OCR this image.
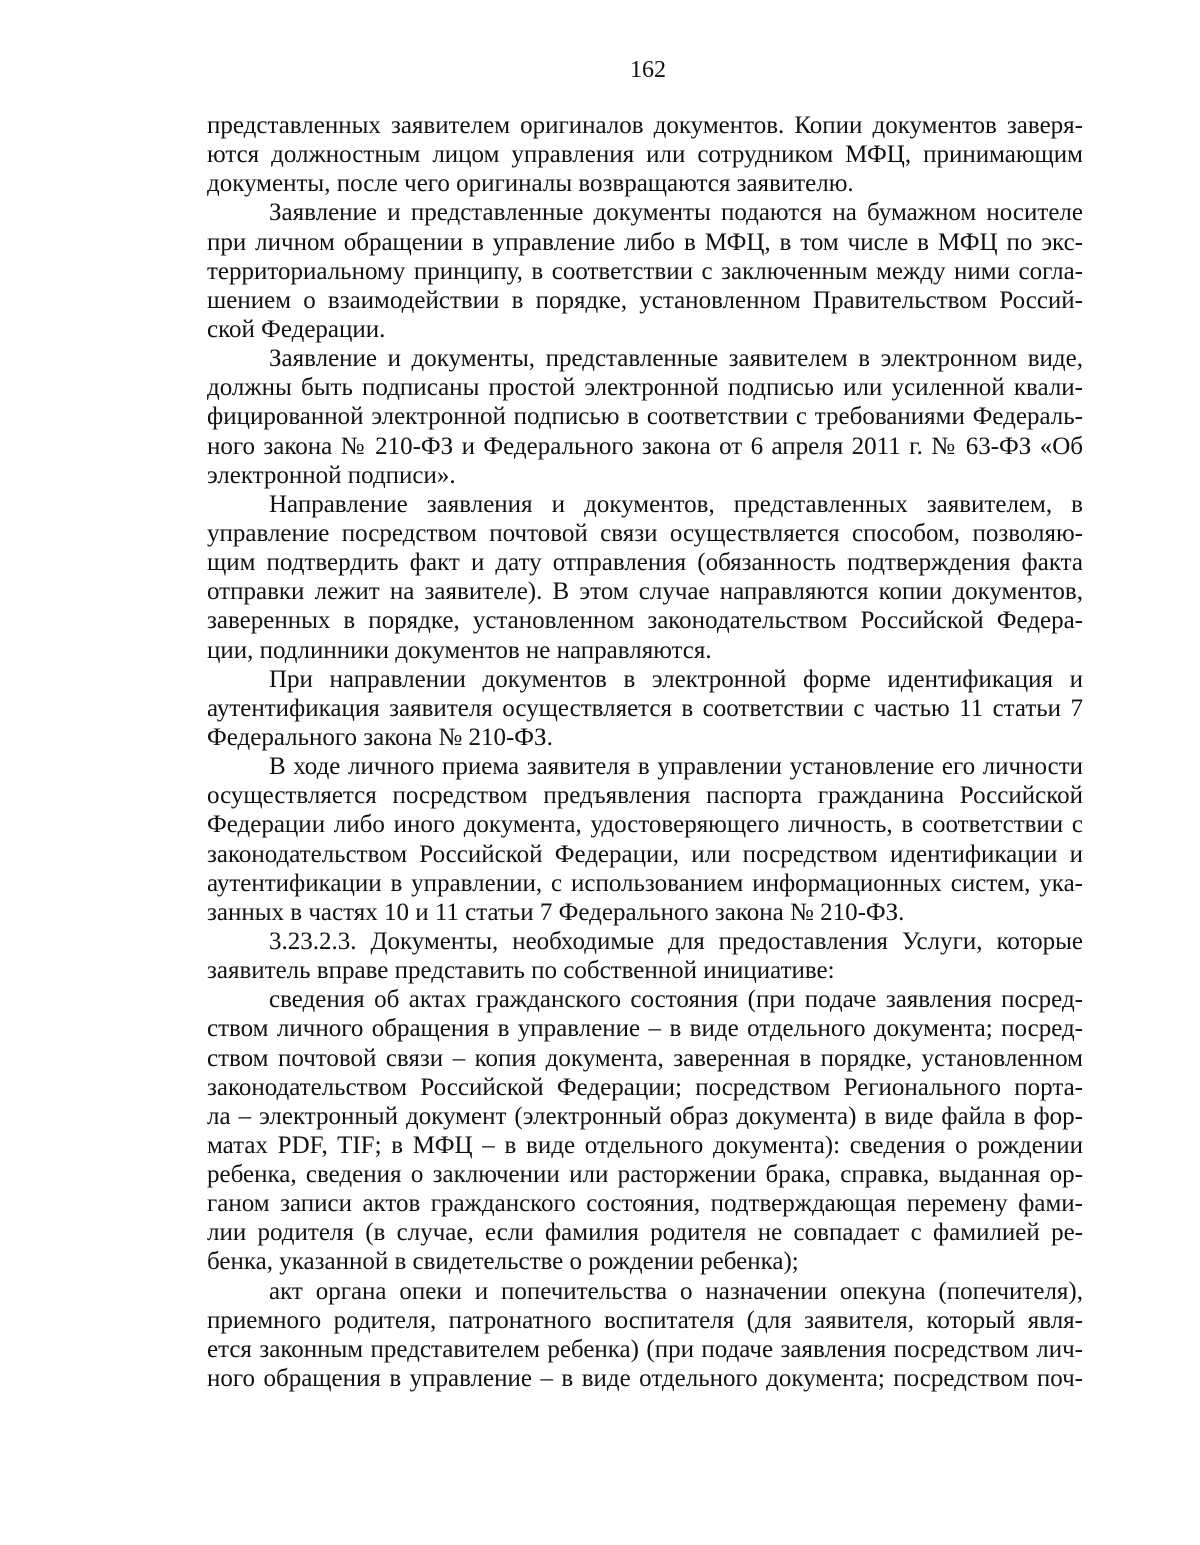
162
представленных заявителем оригиналов документов. Копии документов заверя-
ются должностным лицом управления или сотрудником МФЦ, принимающим
документы, после чего оригиналы возвращаются заявителю.
Заявление и представленные документы подаются на бумажном носителе
при личном обращении в управление либо в МФЦ, в том числе в МФЦ по экс-
территориальному принципу, в соответствии с заключенным между ними согла-
шением о взаимодействии в порядке, установленном Правительством Россий-
ской Федерации.
Заявление и документы, представленные заявителем в электронном виде,
должны быть подписаны простой электронной подписью или усиленной квали-
фицированной электронной подписью в соответствии с требованиями Федераль-
ного закона № 210-ФЗ и Федерального закона от 6 апреля 2011 г. № 63-ФЗ «Об
электронной подписи».
Направление заявления и документов, представленных заявителем, в
управление посредством почтовой связи осуществляется способом, позволяю-
щим подтвердить факт и дату отправления (обязанность подтверждения факта
отправки лежит на заявителе). В этом случае направляются копии документов,
заверенных в порядке, установленном законодательством Российской Федера-
ции, подлинники документов не направляются.
При направлении документов в электронной форме идентификация и
аутентификация заявителя осуществляется в соответствии с частью 11 статьи 7
Федерального закона № 210-ФЗ.
В ходе личного приема заявителя в управлении установление его личности
осуществляется посредством предъявления паспорта гражданина Российской
Федерации либо иного документа, удостоверяющего личность, в соответствии с
законодательством Российской Федерации, или посредством идентификации и
аутентификации в управлении, с использованием информационных систем, ука-
занных в частях 10 и 11 статьи 7 Федерального закона № 210-ФЗ.
3.23.2.3. Документы, необходимые для предоставления Услуги, которые
заявитель вправе представить по собственной инициативе:
сведения об актах гражданского состояния (при подаче заявления посред-
ством личного обращения в управление – в виде отдельного документа; посред-
ством почтовой связи – копия документа, заверенная в порядке, установленном
законодательством Российской Федерации; посредством Регионального порта-
ла – электронный документ (электронный образ документа) в виде файла в фор-
матах PDF, TIF; в МФЦ – в виде отдельного документа): сведения о рождении
ребенка, сведения о заключении или расторжении брака, справка, выданная ор-
ганом записи актов гражданского состояния, подтверждающая перемену фами-
лии родителя (в случае, если фамилия родителя не совпадает с фамилией ре-
бенка, указанной в свидетельстве о рождении ребенка);
акт органа опеки и попечительства о назначении опекуна (попечителя),
приемного родителя, патронатного воспитателя (для заявителя, который явля-
ется законным представителем ребенка) (при подаче заявления посредством лич-
ного обращения в управление – в виде отдельного документа; посредством поч-
